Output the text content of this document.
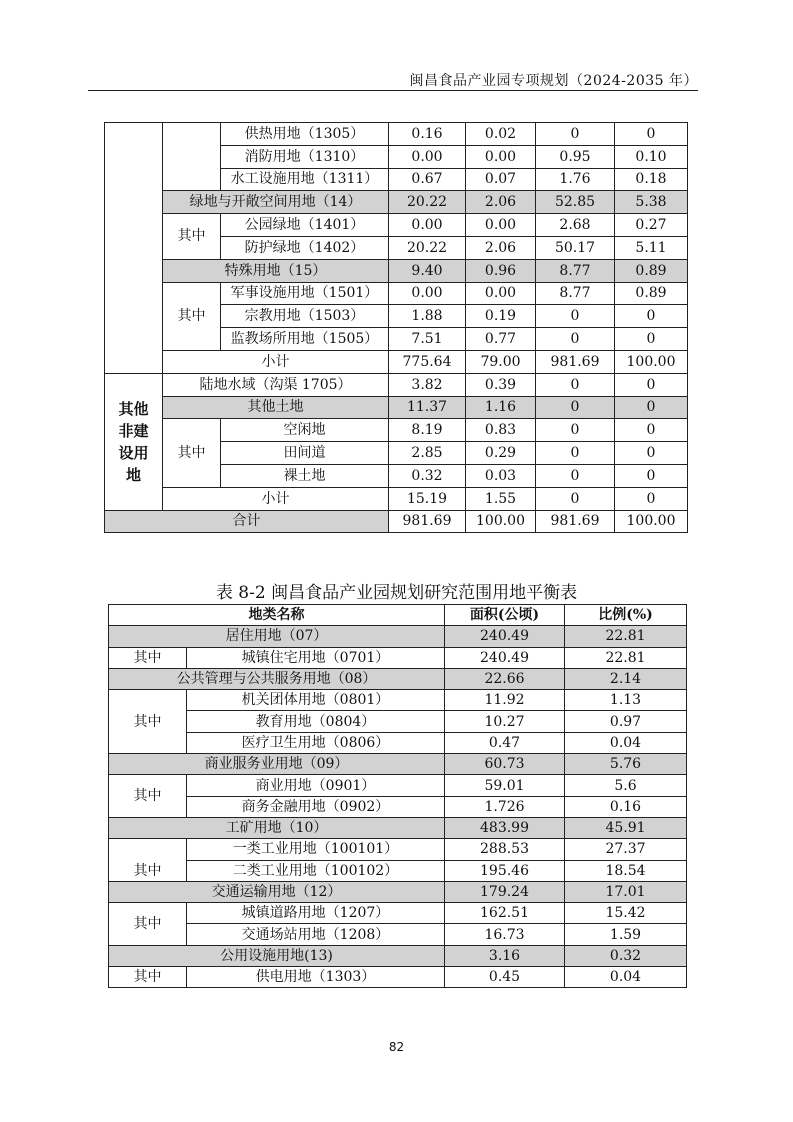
闽昌食品产业园专项规划（2024-2035 年）
		供热用地（1305）	0.16	0.02	0	0
		消防用地（1310）	0.00	0.00	0.95	0.10
		水工设施用地（1311）	0.67	0.07	1.76	0.18
	绿地与开敞空间用地（14）		20.22	2.06	52.85	5.38
	其中	公园绿地（1401）	0.00	0.00	2.68	0.27
		防护绿地（1402）	20.22	2.06	50.17	5.11
	特殊用地（15）		9.40	0.96	8.77	0.89
	其中	军事设施用地（1501）	0.00	0.00	8.77	0.89
		宗教用地（1503）	1.88	0.19	0	0
		监教场所用地（1505）	7.51	0.77	0	0
	小计		775.64	79.00	981.69	100.00
其他非建设用地	陆地水域（沟渠 1705）		3.82	0.39	0	0
	其他土地		11.37	1.16	0	0
	其中	空闲地	8.19	0.83	0	0
		田间道	2.85	0.29	0	0
		裸土地	0.32	0.03	0	0
	小计		15.19	1.55	0	0
合计			981.69	100.00	981.69	100.00
表 8-2 闽昌食品产业园规划研究范围用地平衡表
地类名称		面积(公顷)	比例(%)
居住用地（07）		240.49	22.81
其中	城镇住宅用地（0701）	240.49	22.81
公共管理与公共服务用地（08）		22.66	2.14
其中	机关团体用地（0801）	11.92	1.13
	教育用地（0804）	10.27	0.97
	医疗卫生用地（0806）	0.47	0.04
商业服务业用地（09）		60.73	5.76
其中	商业用地（0901）	59.01	5.6
	商务金融用地（0902）	1.726	0.16
工矿用地（10）		483.99	45.91
其中	一类工业用地（100101）	288.53	27.37
	二类工业用地（100102）	195.46	18.54
交通运输用地（12）		179.24	17.01
其中	城镇道路用地（1207）	162.51	15.42
	交通场站用地（1208）	16.73	1.59
公用设施用地(13)		3.16	0.32
其中	供电用地（1303）	0.45	0.04
82
